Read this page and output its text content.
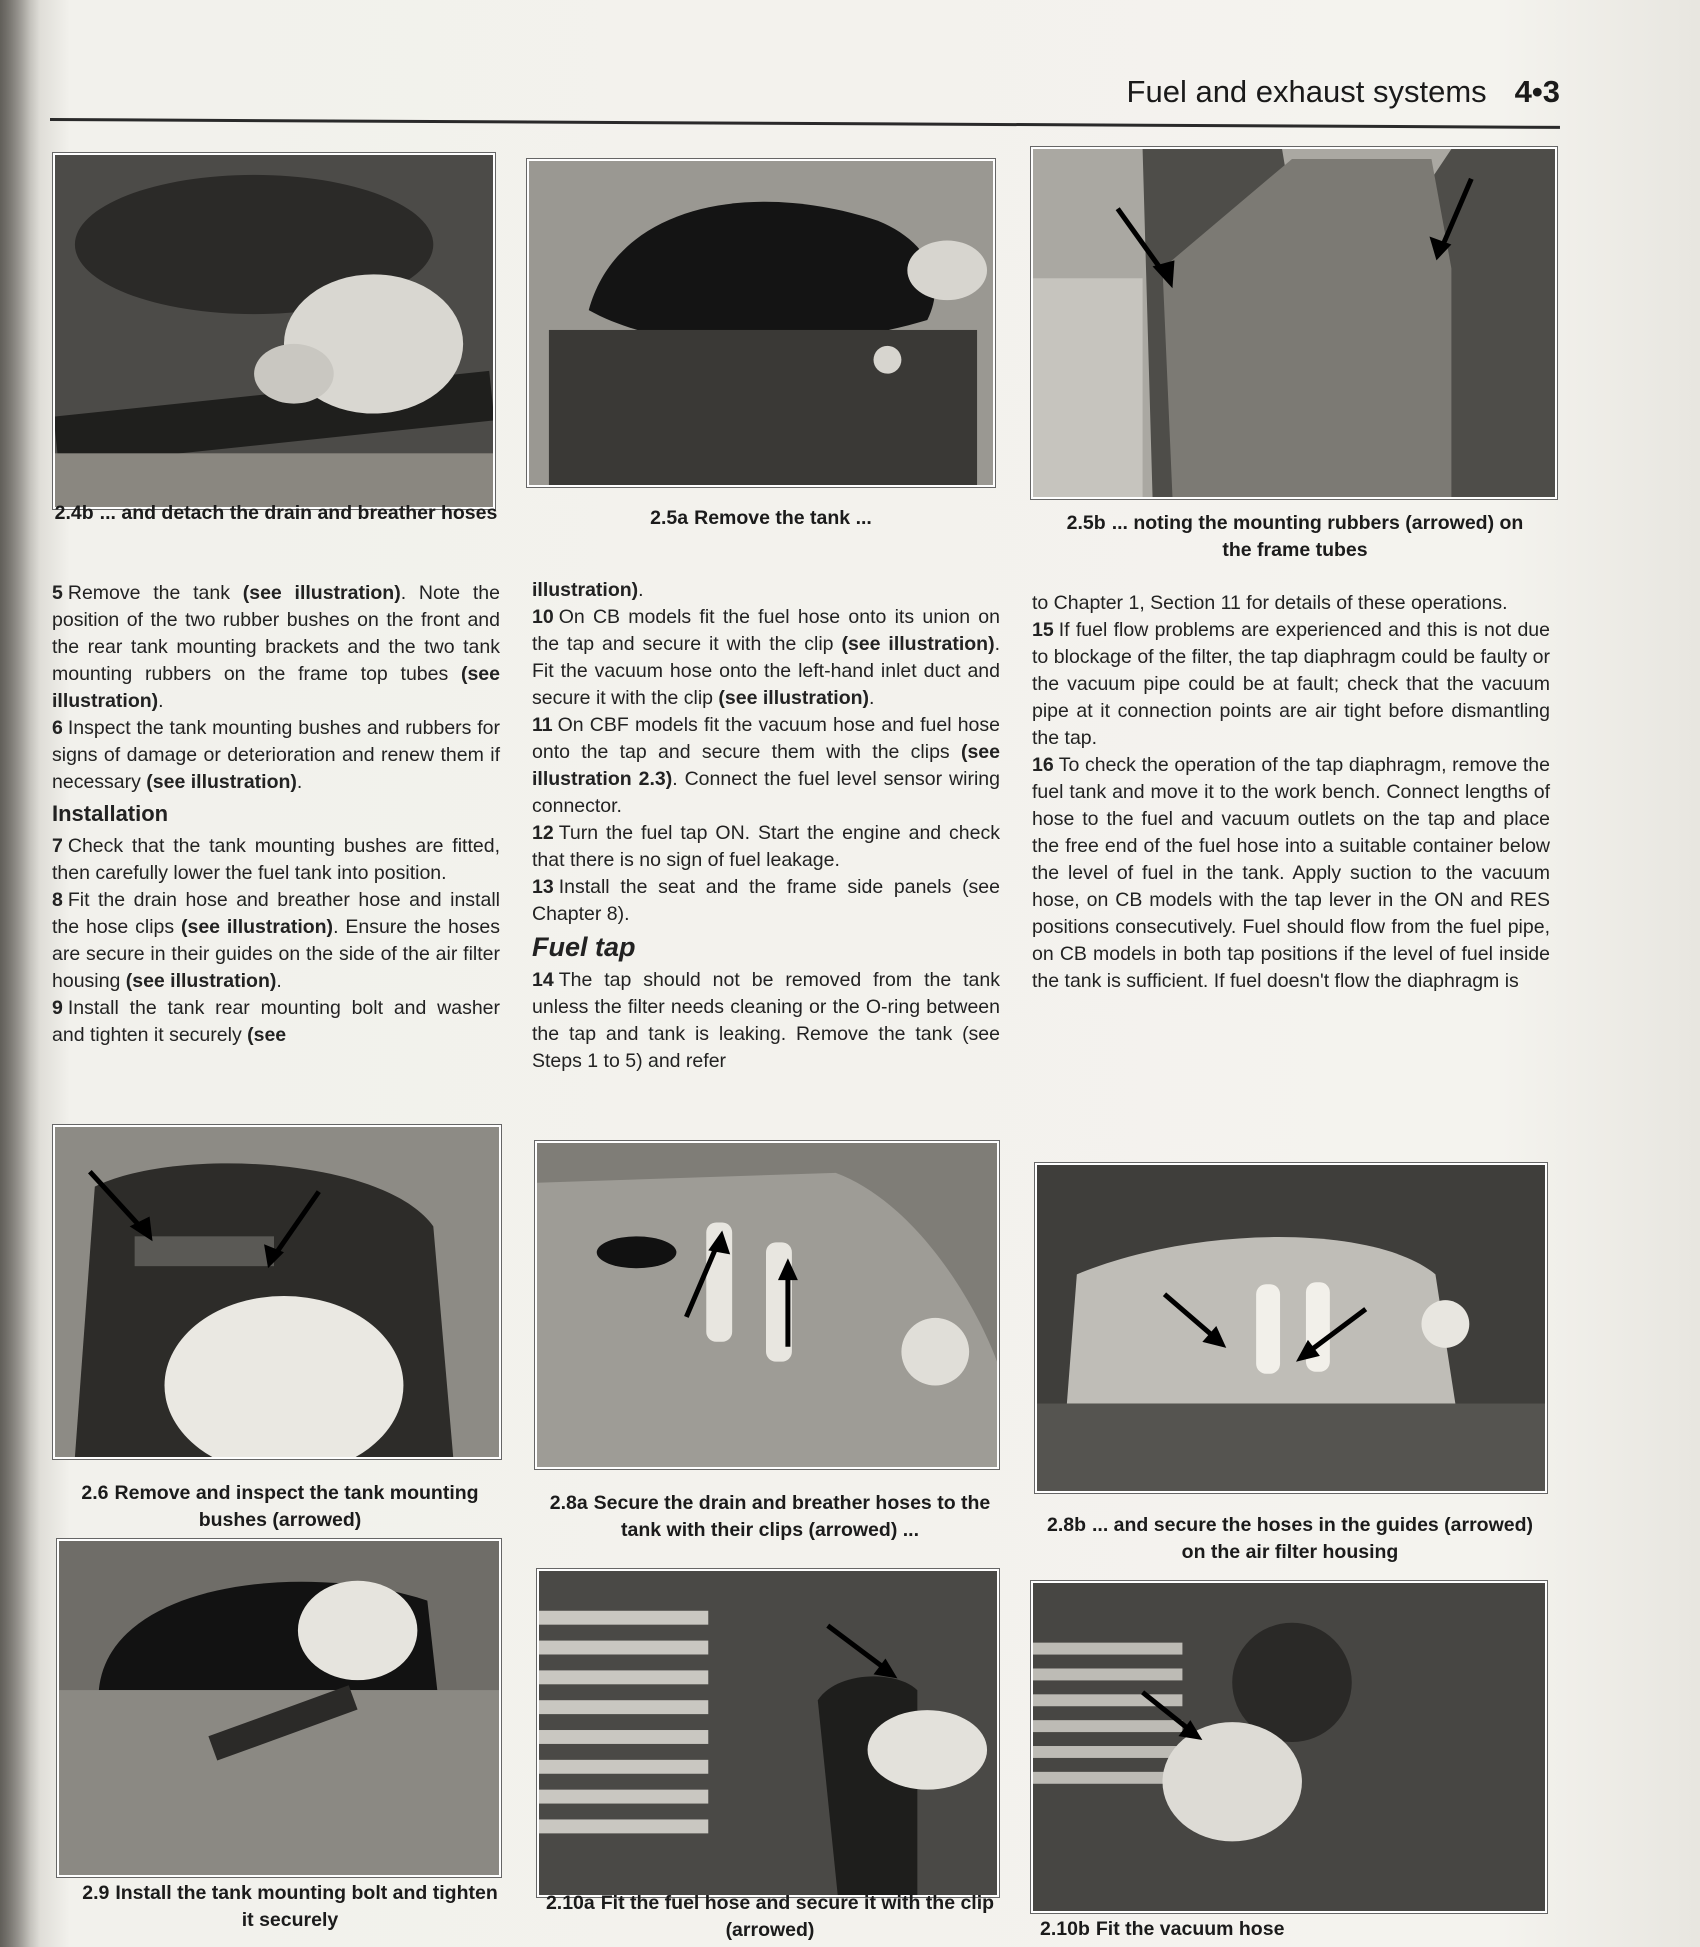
Fuel and exhaust systems 4•3
2.4b ... and detach the drain and breather hoses	2.5a Remove the tank ...	2.5b ... noting the mounting rubbers (arrowed) on the frame tubes

5 Remove the tank (see illustration). Note the position of the two rubber bushes on the front and the rear tank mounting brackets and the two tank mounting rubbers on the frame top tubes (see illustration).

6 Inspect the tank mounting bushes and rubbers for signs of damage or deterioration and renew them if necessary (see illustration).

Installation

7 Check that the tank mounting bushes are fitted, then carefully lower the fuel tank into position.

8 Fit the drain hose and breather hose and install the hose clips (see illustration). Ensure the hoses are secure in their guides on the side of the air filter housing (see illustration).

9 Install the tank rear mounting bolt and washer and tighten it securely (see

illustration).

10 On CB models fit the fuel hose onto its union on the tap and secure it with the clip (see illustration). Fit the vacuum hose onto the left-hand inlet duct and secure it with the clip (see illustration).

11 On CBF models fit the vacuum hose and fuel hose onto the tap and secure them with the clips (see illustration 2.3). Connect the fuel level sensor wiring connector.

12 Turn the fuel tap ON. Start the engine and check that there is no sign of fuel leakage.

13 Install the seat and the frame side panels (see Chapter 8).

Fuel tap

14 The tap should not be removed from the tank unless the filter needs cleaning or the O-ring between the tap and tank is leaking. Remove the tank (see Steps 1 to 5) and refer

to Chapter 1, Section 11 for details of these operations.

15 If fuel flow problems are experienced and this is not due to blockage of the filter, the tap diaphragm could be faulty or the vacuum pipe could be at fault; check that the vacuum pipe at it connection points are air tight before dismantling the tap.

16 To check the operation of the tap diaphragm, remove the fuel tank and move it to the work bench. Connect lengths of hose to the fuel and vacuum outlets on the tap and place the free end of the fuel hose into a suitable container below the level of fuel in the tank. Apply suction to the vacuum hose, on CB models with the tap lever in the ON and RES positions consecutively. Fuel should flow from the fuel pipe, on CB models in both tap positions if the level of fuel inside the tank is sufficient. If fuel doesn't flow the diaphragm is

2.6 Remove and inspect the tank mounting bushes (arrowed)
2.8a Secure the drain and breather hoses to the tank with their clips (arrowed) ...	2.8b ... and secure the hoses in the guides (arrowed) on the air filter housing
2.9 Install the tank mounting bolt and tighten it securely
2.10a Fit the fuel hose and secure it with the clip (arrowed)	2.10b Fit the vacuum hose
